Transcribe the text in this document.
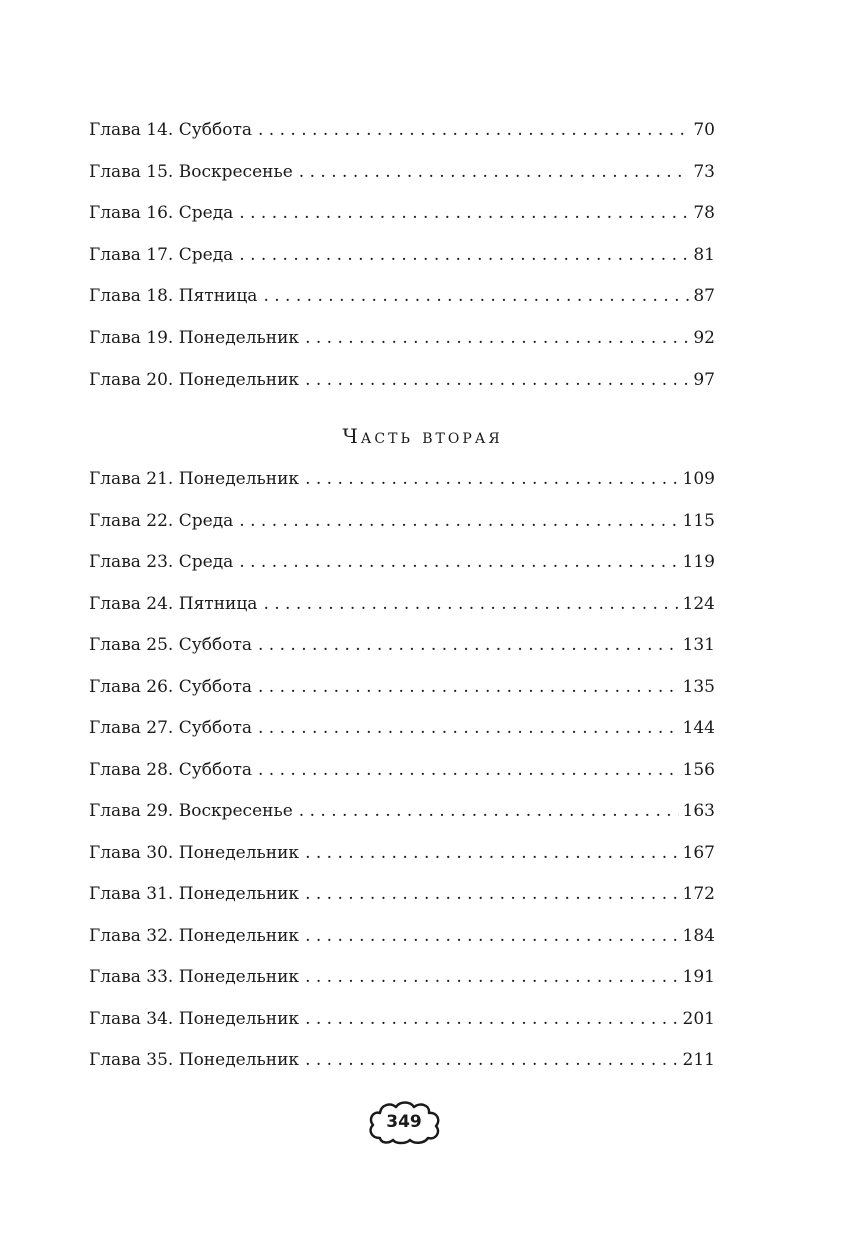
Глава 14. Суббота . . .	70
Глава 15. Воскресенье . . .	73
Глава 16. Среда . . .	78
Глава 17. Среда . . .	81
Глава 18. Пятница . . .	87
Глава 19. Понедельник . . .	92
Глава 20. Понедельник . . .	97
Глава 21. Понедельник . . .	109
Глава 22. Среда . . .	115
Глава 23. Среда . . .	119
Глава 24. Пятница . . .	124
Глава 25. Суббота . . .	131
Глава 26. Суббота . . .	135
Глава 27. Суббота . . .	144
Глава 28. Суббота . . .	156
Глава 29. Воскресенье . . .	163
Глава 30. Понедельник . . .	167
Глава 31. Понедельник . . .	172
Глава 32. Понедельник . . .	184
Глава 33. Понедельник . . .	191
Глава 34. Понедельник . . .	201
Глава 35. Понедельник . . .	211
Часть вторая
349
